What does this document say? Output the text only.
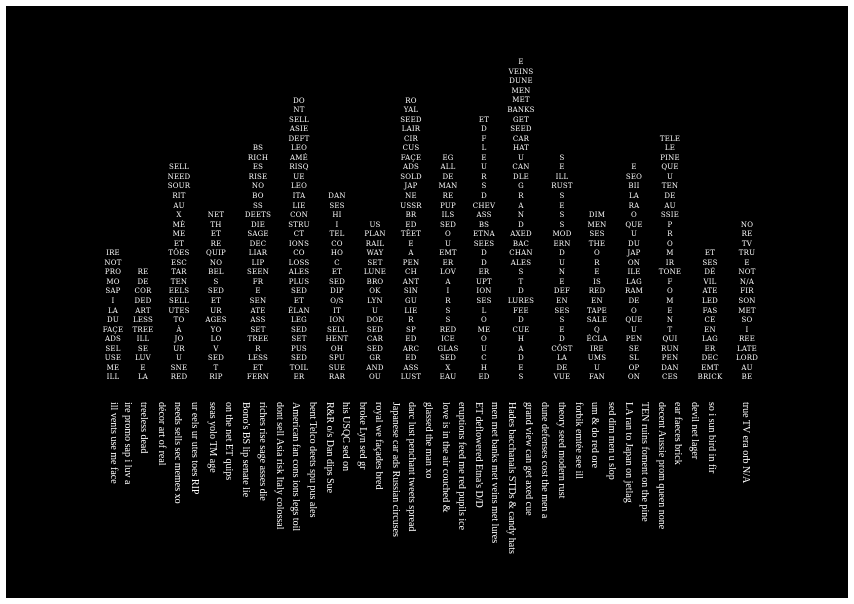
IRE
NOT
PRO
MO
SAP
I
LA
DU
FAÇE
ADS
SEL
USE
ME
ILL
RE
DE
COR
DED
ART
LESS
TREE
ILL
SE
LUV
E
LA
SELL
NEED
SOUR
RIT
AU
X
MÈ
ME
ET
TÔES
ESC
TAR
TEN
EELS
SELL
UTES
TO
À
JO
UR
U
SNE
RED
NET
TH
ET
RE
QUIP
NO
BEL
S
SED
ET
UR
AGES
YO
LO
V
SED
T
RIP
BS
RICH
ES
RISE
NO
BO
SS
DEETS
DIE
SAGE
DEC
LIAR
LIP
SEEN
FR
E
SEN
ATE
ASS
SET
TREE
R
LESS
ET
FERN
DO
NT
SELL
ASIE
DEFT
LEO
AMÉ
RISQ
UE
LEO
ITA
LIE
CON
STRU
CT
IONS
CO
LOSS
ALES
PLUS
SED
ET
ÉLAN
LEG
SED
SET
PUS
SED
TOIL
ER
DAN
SES
HI
I
TEL
CO
HO
C
ET
SED
DIP
O/S
IT
ION
SELL
HENT
OH
SPU
SUE
RAR
US
PLAN
RAIL
WAY
SET
LUNE
BRO
OK
LYN
U
DOE
SED
CAR
SED
GR
AND
OU
RO
YAL
SEED
LAIR
CIR
CUS
FAÇE
ADS
SOLD
JAP
NE
USSR
BR
ED
TÊET
E
A
PEN
CH
ANT
SIN
GU
LIE
R
SP
ED
ARC
ED
ASS
LUST
EG
ALL
DE
MAN
RE
PUP
ILS
SED
O
U
EMT
ER
LOV
A
I
R
S
S
RED
ICE
GLAS
SED
X
EAU
ET
D
F
L
E
U
R
S
D
CHEV
ASS
BS
ETNA
SEES
D
D
ER
UPT
ION
SES
L
O
ME
O
U
C
H
ED
E
VEINS
DUNE
MEN
MET
BANKS
GET
SEED
CAR
HAT
U
CAN
DLE
G
R
A
N
D
AXED
BAC
CHAN
ALES
S
T
D
LURES
FEE
D
CUE
H
A
D
E
S
S
E
ILL
RUST
S
E
S
S
MOD
ERN
D
U
N
E
DEF
EN
SES
S
E
D
CÔST
LA
DE
VUE
DIM
MEN
SES
THE
O
R
E
IS
RED
EN
TAPE
SALE
Q
ÉCLA
IRE
UMS
U
FAN
E
SEO
BII
LA
RA
O
QUE
U
DU
JAP
ON
ILE
LAG
RAM
DE
O
QUE
U
PEN
SE
SL
OP
ON
TELE
LE
PINE
QUE
U
TEN
DE
AU
SSIE
P
R
O
M
IR
TONE
F
O
M
E
N
T
QUI
RUN
PEN
DAN
CES
ET
SES
DÉ
VIL
ATE
LED
FAS
CE
EN
LAG
ER
DEC
EMT
BRICK
NO
RE
TV
TRU
E
NOT
N/A
FIR
SON
MET
SO
I
REE
LATE
LORD
AU
BE
ill vents use me face ire promo sap i luv a treeless dead décor art of real needs sells sec memes xo ur eels ur utes toes RIP seas yolo TM age on the net ET quips Bono's BS lip senate lie riches rise sage asses die dont sell Asia risk Italy colossal American fan cons ions legs toil bent Telco deets spu pus ales R&R o/s Dan dips Sue his USQC sed on broke Lyn sed gr royal we façades bred Japanese car ads Russian circuses darc lust penchant tweets spread glassed the man xo love is in the air couched & eruptions feed me red pupils ice ET deflowered Etna's D/D men met banks met veins met lures Hades bacchanals STDs & candy hats grand view can get axed cue dune defenses cost the men a theory seed modern rust forbik emtée see ill um & do red ore sed dim men u slop LA ran to Japan on jetlag TEN ruins foment on the pine decent Aussie prom queen none ear faeces brick devil net lager so i sun bird in fir true TV era orb N/A
